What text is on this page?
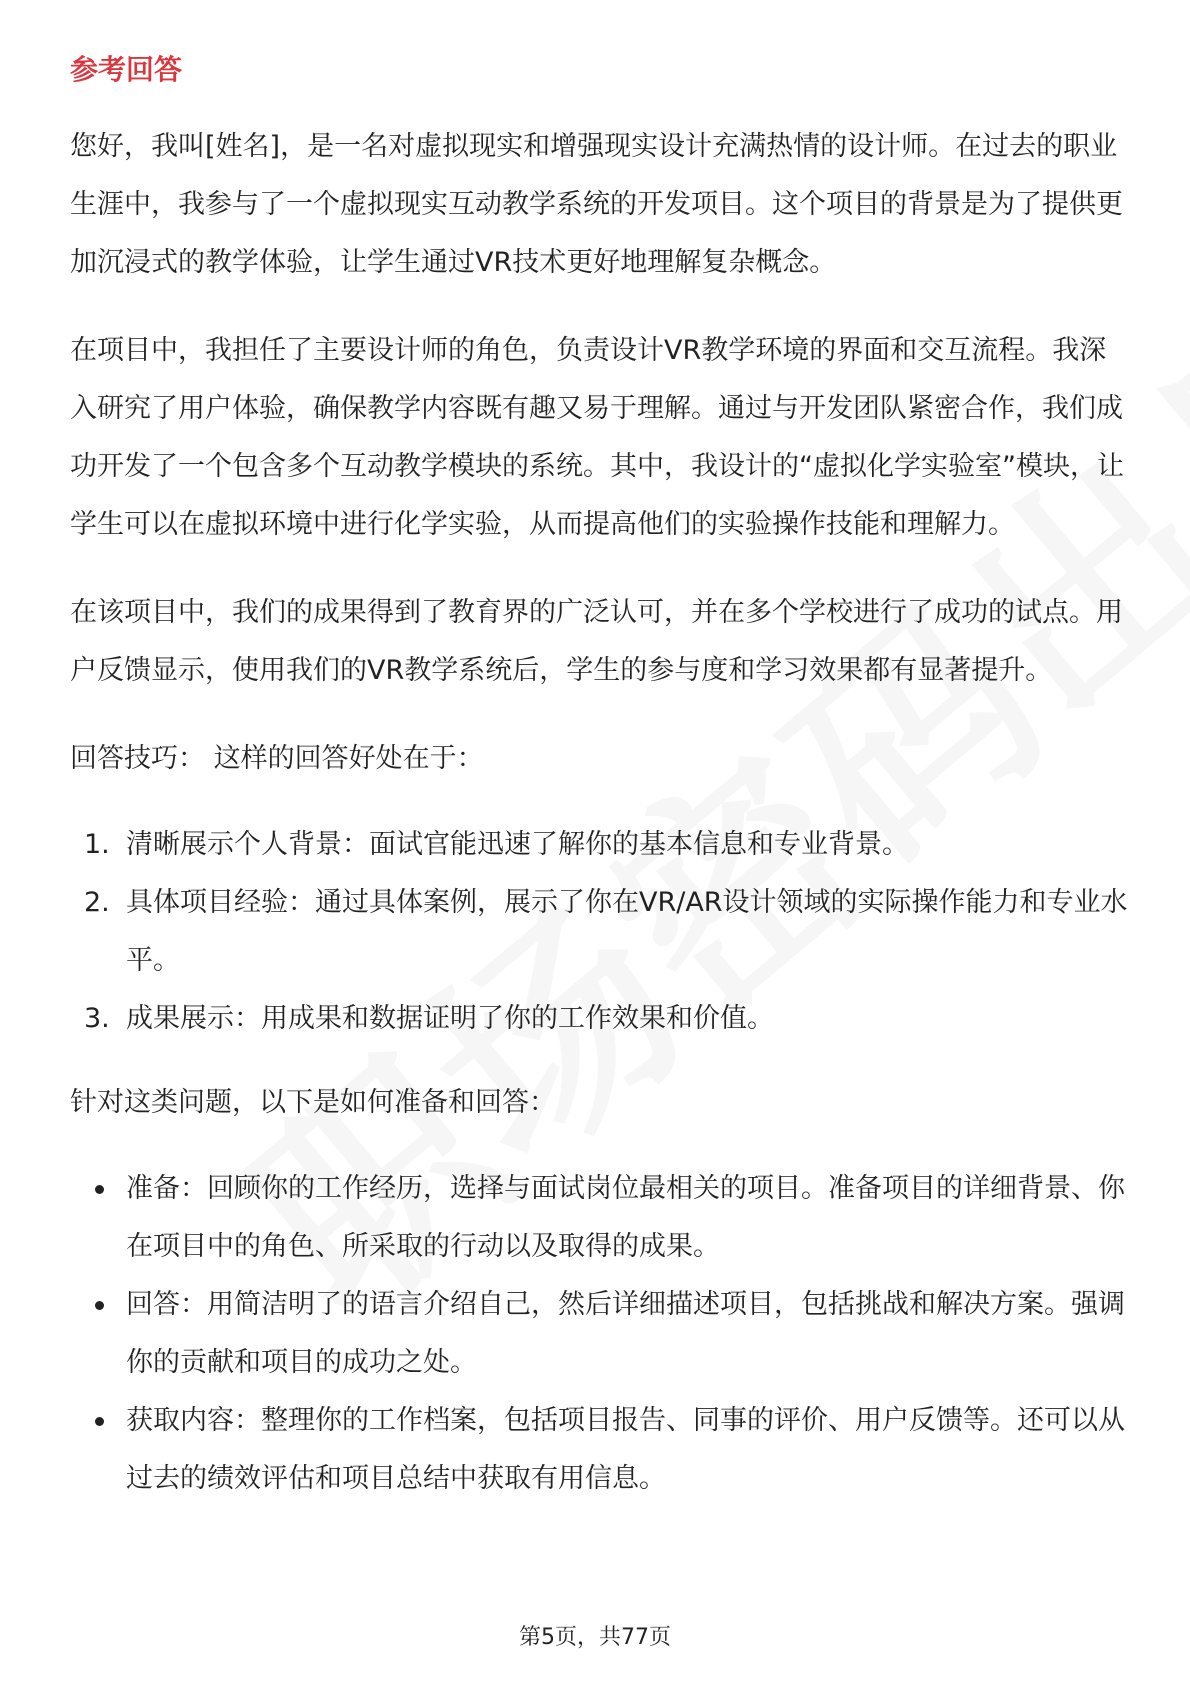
参考回答

您好，我叫[姓名]，是一名对虚拟现实和增强现实设计充满热情的设计师。在过去的职业生涯中，我参与了一个虚拟现实互动教学系统的开发项目。这个项目的背景是为了提供更加沉浸式的教学体验，让学生通过VR技术更好地理解复杂概念。

在项目中，我担任了主要设计师的角色，负责设计VR教学环境的界面和交互流程。我深入研究了用户体验，确保教学内容既有趣又易于理解。通过与开发团队紧密合作，我们成功开发了一个包含多个互动教学模块的系统。其中，我设计的“虚拟化学实验室”模块，让学生可以在虚拟环境中进行化学实验，从而提高他们的实验操作技能和理解力。

在该项目中，我们的成果得到了教育界的广泛认可，并在多个学校进行了成功的试点。用户反馈显示，使用我们的VR教学系统后，学生的参与度和学习效果都有显著提升。

回答技巧： 这样的回答好处在于：

1. 清晰展示个人背景：面试官能迅速了解你的基本信息和专业背景。
2. 具体项目经验：通过具体案例，展示了你在VR/AR设计领域的实际操作能力和专业水平。
3. 成果展示：用成果和数据证明了你的工作效果和价值。

针对这类问题，以下是如何准备和回答：

准备：回顾你的工作经历，选择与面试岗位最相关的项目。准备项目的详细背景、你在项目中的角色、所采取的行动以及取得的成果。
回答：用简洁明了的语言介绍自己，然后详细描述项目，包括挑战和解决方案。强调你的贡献和项目的成功之处。
获取内容：整理你的工作档案，包括项目报告、同事的评价、用户反馈等。还可以从过去的绩效评估和项目总结中获取有用信息。
第5页，共77页
